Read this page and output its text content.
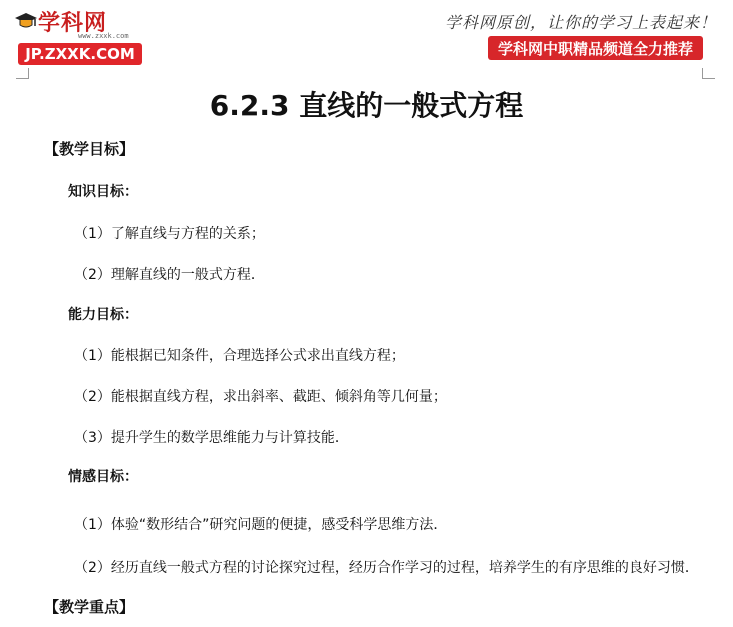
学科网
www.zxxk.com
JP.ZXXK.COM
学科网原创，让你的学习上表起来！
学科网中职精品频道全力推荐
6.2.3 直线的一般式方程
【教学目标】
知识目标：
（1）了解直线与方程的关系；
（2）理解直线的一般式方程．
能力目标：
（1）能根据已知条件，合理选择公式求出直线方程；
（2）能根据直线方程，求出斜率、截距、倾斜角等几何量；
（3）提升学生的数学思维能力与计算技能．
情感目标：
（1）体验“数形结合”研究问题的便捷，感受科学思维方法．
（2）经历直线一般式方程的讨论探究过程，经历合作学习的过程，培养学生的有序思维的良好习惯．
【教学重点】
